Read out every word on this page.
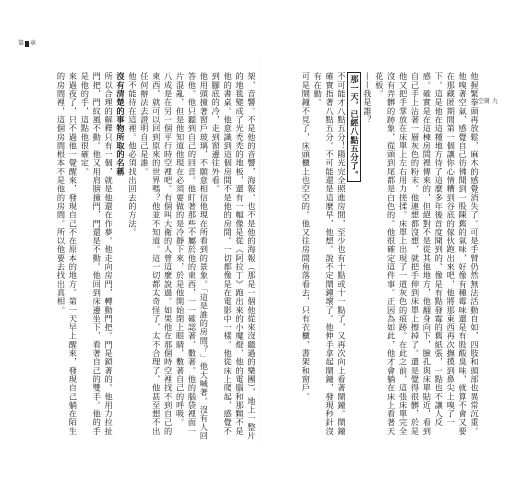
第 章
空崗 九
他握緊拳頭再放鬆，麻木的感覺消失了。可是手臂仍然無法活動自如，四肢和頭部也異常沉重。他嗅著空氣，感覺自己彷彿聞到一股陳舊的氣味，好像有種霉味還是有股酸臭味，就算不會又要在那藏匿期間第一個讓你心情糟到谷底的傢伙跑出來吧，他將那東西再次撫摸到鼻尖上嗅了一下。這是他在這種地方待了這麼多年後首度聞到的、像是有點發霉的舊紙張，一點也不讓人反感。確實是在這棟房間裡傳來的，但絕對不是從其他地方，他翻身向下，臉孔與床單貼近，看到自己手上沾著一層灰色的粉末。他連想都沒想，就把手伸到床單上擦掉了。還是覺得很髒，於是他又把手掌放在床單上左右用力搓揉。床單上出現了一道灰色的痕跡。在此之前，這張床單完全沒有弄髒的跡象，從頭到尾都是白色的。他很確定這件事。正因為如此，他才會躺在床上看著天花板。
——我是誰？
那一天，已經八點五分了。
不可能才八點五分！陽光完全照進房間，至少也有十點或十一點了，又再次向上看著鬧鐘。鬧鐘確實指著八點五分。不可能還是這麼早，他想。說不定鬧鐘壞了。他伸手拿起鬧鐘，發現秒針沒有在動。
可是鬧鐘不見了，床頭櫃上也空空的。他又往房間角落看去，只有衣櫃、書架和窗戶。
架、音響。不是他的音響，海報、也不是他的海報（那是一個他從來沒聽過的樂團），地上一整片的地毯變成了光禿禿的地板，還有一幅像是從《阿拉丁》跑出來的小魔燈，他的電腦和那顆不是他的書桌。他意識到這個房間不是他的房間。一切都像是在電影中一樣。他從床上爬起，感覺不到腳底的冷，走到窗邊往外看。
他用頭撞著窗戶玻璃，不願意相信他現在所看到的景象。「這是誰的房間？」他大喊著。沒有人回答他。他只聽到自己的回音。他盯著那些不屬於他的東西，一一確認著、數著。他的腦袋裡面一片混亂，但是他知道他現在必須要做的是冷靜下來，於是他開始閉上眼睛，數著自己的呼吸。
八成是在另一個平行時空裡吧。有個叫大衛的人曾這麼說過。如果他在那個時空裡找不到自己的東西，就可以回到原來的世界嗎？他並不知道。這一切都太奇怪了，太不合理了，他甚至想不出任何辦法去證明自己是誰。
他不能待在這裡。他必須找出回去的方法。
沒有清楚的事物所取的名稱
所以合理的解釋只有一個，就是他還在作夢。他走向房門，轉動門把。門是鎖著的。他用力拉扯門把，門紋風不動。他又用肩膀撞門，門還是不動。他回到床邊坐下，看著自己的雙手。他的手是他的手，這點他很確定。
來過夜了，只不過他一覺醒來，發現自己不在原本的地方。第一天早上醒來，發現自己躺在陌生的房間裡，這個房間根本不是他的房間。所以他要去找出真相。
